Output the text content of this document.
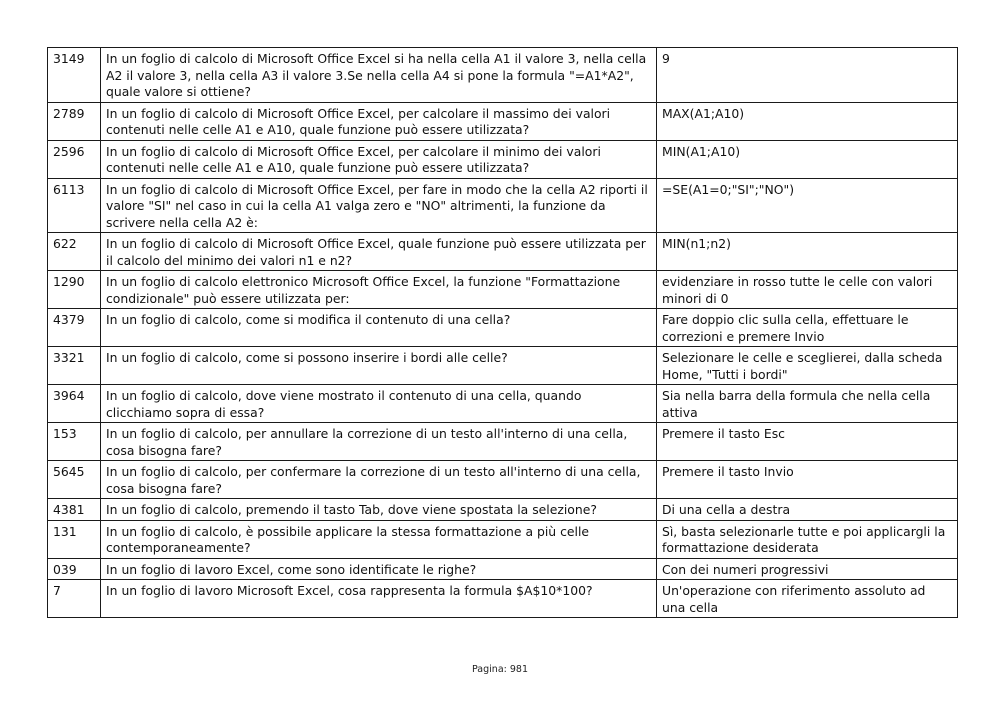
3149	In un foglio di calcolo di Microsoft Office Excel si ha nella cella A1 il valore 3, nella cella A2 il valore 3, nella cella A3 il valore 3.Se nella cella A4 si pone la formula "=A1*A2", quale valore si ottiene?	9
2789	In un foglio di calcolo di Microsoft Office Excel, per calcolare il massimo dei valori contenuti nelle celle A1 e A10, quale funzione può essere utilizzata?	MAX(A1;A10)
2596	In un foglio di calcolo di Microsoft Office Excel, per calcolare il minimo dei valori contenuti nelle celle A1 e A10, quale funzione può essere utilizzata?	MIN(A1;A10)
6113	In un foglio di calcolo di Microsoft Office Excel, per fare in modo che la cella A2 riporti il valore "SI" nel caso in cui la cella A1 valga zero e "NO" altrimenti, la funzione da scrivere nella cella A2 è:	=SE(A1=0;"SI";"NO")
622	In un foglio di calcolo di Microsoft Office Excel, quale funzione può essere utilizzata per il calcolo del minimo dei valori n1 e n2?	MIN(n1;n2)
1290	In un foglio di calcolo elettronico Microsoft Office Excel, la funzione "Formattazione condizionale" può essere utilizzata per:	evidenziare in rosso tutte le celle con valori minori di 0
4379	In un foglio di calcolo, come si modifica il contenuto di una cella?	Fare doppio clic sulla cella, effettuare le correzioni e premere Invio
3321	In un foglio di calcolo, come si possono inserire i bordi alle celle?	Selezionare le celle e sceglierei, dalla scheda Home, "Tutti i bordi"
3964	In un foglio di calcolo, dove viene mostrato il contenuto di una cella, quando clicchiamo sopra di essa?	Sia nella barra della formula che nella cella attiva
153	In un foglio di calcolo, per annullare la correzione di un testo all'interno di una cella, cosa bisogna fare?	Premere il tasto Esc
5645	In un foglio di calcolo, per confermare la correzione di un testo all'interno di una cella, cosa bisogna fare?	Premere il tasto Invio
4381	In un foglio di calcolo, premendo il tasto Tab, dove viene spostata la selezione?	Di una cella a destra
131	In un foglio di calcolo, è possibile applicare la stessa formattazione a più celle contemporaneamente?	Sì, basta selezionarle tutte e poi applicargli la formattazione desiderata
039	In un foglio di lavoro Excel, come sono identificate le righe?	Con dei numeri progressivi
7	In un foglio di lavoro Microsoft Excel, cosa rappresenta la formula $A$10*100?	Un'operazione con riferimento assoluto ad una cella
Pagina: 981
